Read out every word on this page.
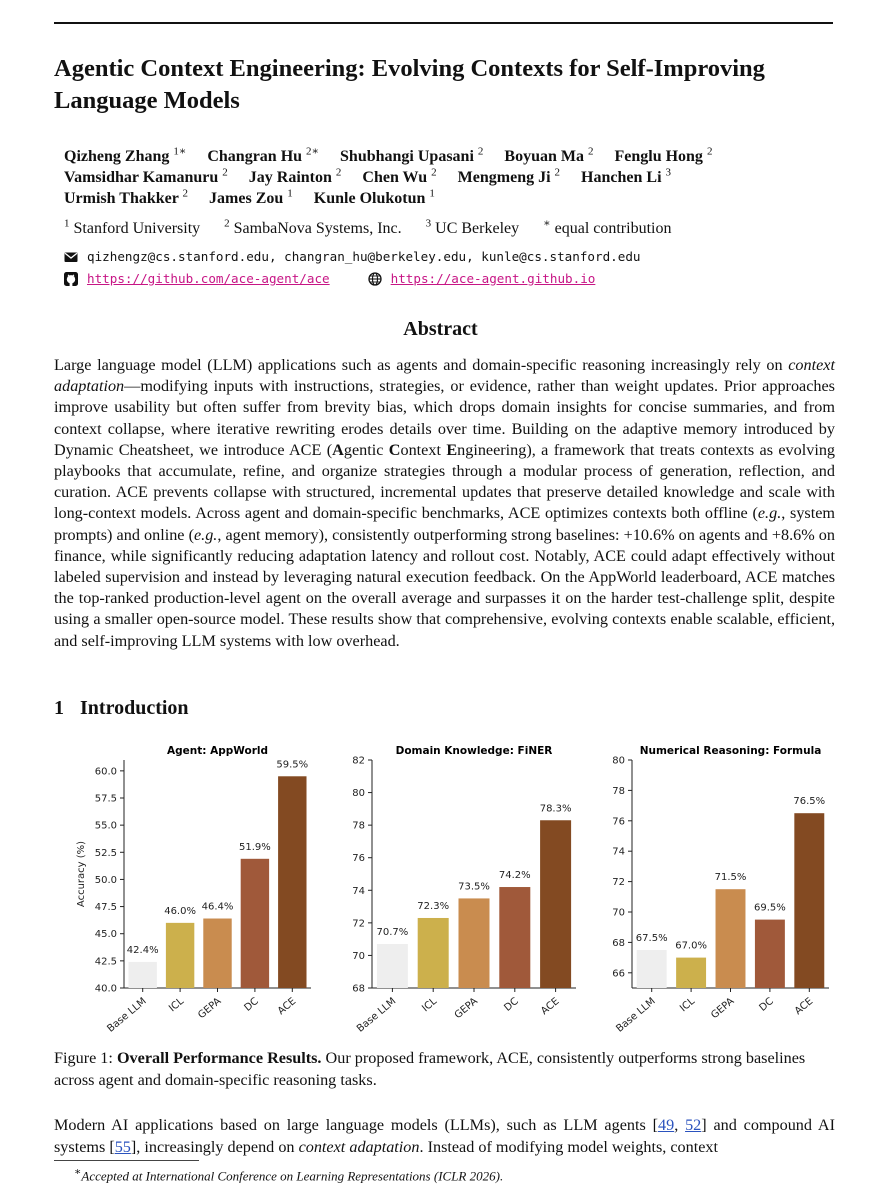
Agentic Context Engineering: Evolving Contexts for Self-Improving Language Models
Qizheng Zhang $^{1∗}$ Changran Hu $^{2∗}$ Shubhangi Upasani $^2$ Boyuan Ma $^2$ Fenglu Hong $^2$
Vamsidhar Kamanuru $^2$ Jay Rainton $^2$ Chen Wu $^2$ Mengmeng Ji $^2$ Hanchen Li $^3$
Urmish Thakker $^2$ James Zou $^1$ Kunle Olukotun $^1$
$^1$ Stanford University $^2$ SambaNova Systems, Inc. $^3$ UC Berkeley ∗ equal contribution
qizhengz@cs.stanford.edu, changran_hu@berkeley.edu, kunle@cs.stanford.edu
https://github.com/ace-agent/ace	https://ace-agent.github.io
Abstract

Large language model (LLM) applications such as agents and domain-specific reasoning increasingly rely on context adaptation—modifying inputs with instructions, strategies, or evidence, rather than weight updates. Prior approaches improve usability but often suffer from brevity bias, which drops domain insights for concise summaries, and from context collapse, where iterative rewriting erodes details over time. Building on the adaptive memory introduced by Dynamic Cheatsheet, we introduce ACE (Agentic Context Engineering), a framework that treats contexts as evolving playbooks that accumulate, refine, and organize strategies through a modular process of generation, reflection, and curation. ACE prevents collapse with structured, incremental updates that preserve detailed knowledge and scale with long-context models. Across agent and domain-specific benchmarks, ACE optimizes contexts both offline (e.g., system prompts) and online (e.g., agent memory), consistently outperforming strong baselines: +10.6% on agents and +8.6% on finance, while significantly reducing adaptation latency and rollout cost. Notably, ACE could adapt effectively without labeled supervision and instead by leveraging natural execution feedback. On the AppWorld leaderboard, ACE matches the top-ranked production-level agent on the overall average and surpasses it on the harder test-challenge split, despite using a smaller open-source model. These results show that comprehensive, evolving contexts enable scalable, efficient, and self-improving LLM systems with low overhead.

1 Introduction
Agent: AppWorld
40.0
42.5
45.0
47.5
50.0
52.5
55.0
57.5
60.0
Accuracy (%)
42.4%
Base LLM
46.0%
ICL
46.4%
GEPA
51.9%
DC
59.5%
ACE
Domain Knowledge: FiNER
68
70
72
74
76
78
80
82
70.7%
Base LLM
72.3%
ICL
73.5%
GEPA
74.2%
DC
78.3%
ACE
Numerical Reasoning: Formula
66
68
70
72
74
76
78
80
67.5%
Base LLM
67.0%
ICL
71.5%
GEPA
69.5%
DC
76.5%
ACE

Figure 1: Overall Performance Results. Our proposed framework, ACE, consistently outperforms strong baselines across agent and domain-specific reasoning tasks.

Modern AI applications based on large language models (LLMs), such as LLM agents [49, 52] and compound AI systems [55], increasingly depend on context adaptation. Instead of modifying model weights, context

∗Accepted at International Conference on Learning Representations (ICLR 2026).
